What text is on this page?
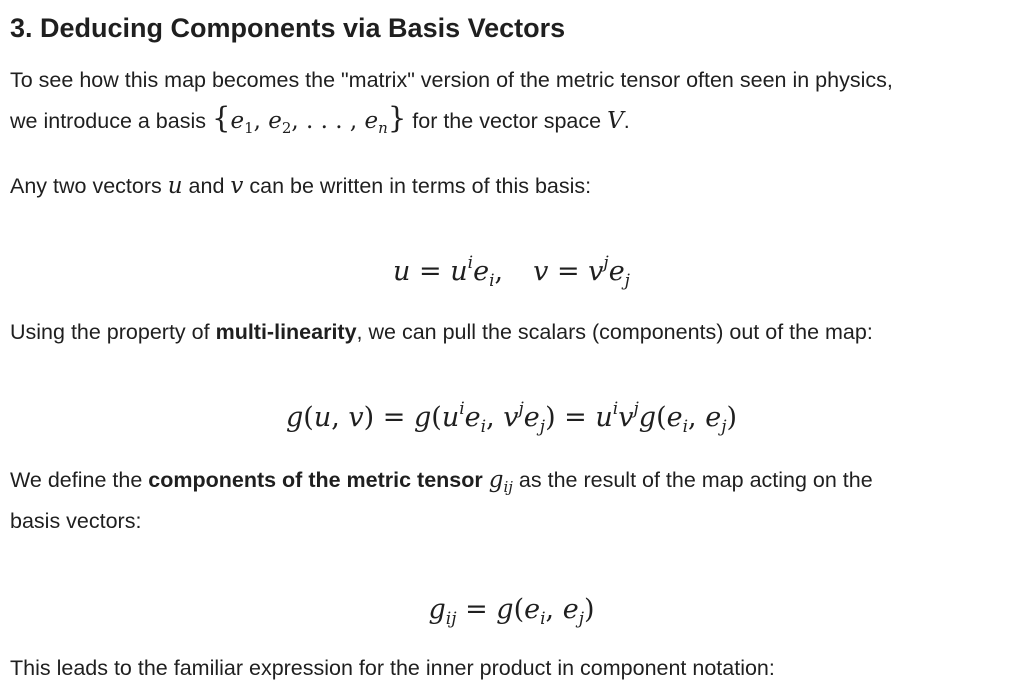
3. Deducing Components via Basis Vectors

To see how this map becomes the "matrix" version of the metric tensor often seen in physics,

we introduce a basis {$e_1$, $e_2$, . . . , $e_n$} for the vector space V.

Any two vectors u and v can be written in terms of this basis:

$u = u^ie_i$, $v = v^je_j$

Using the property of multi-linearity, we can pull the scalars (components) out of the map:

g(u, $v) = g(u^ie_i$, $v^je_j) = u^iv^jg(e_i$, $e_j$)

We define the components of the metric tensor $g_{ij}$ as the result of the map acting on the

basis vectors:

$g_{ij} = g(e_i$, $e_j$)

This leads to the familiar expression for the inner product in component notation:
